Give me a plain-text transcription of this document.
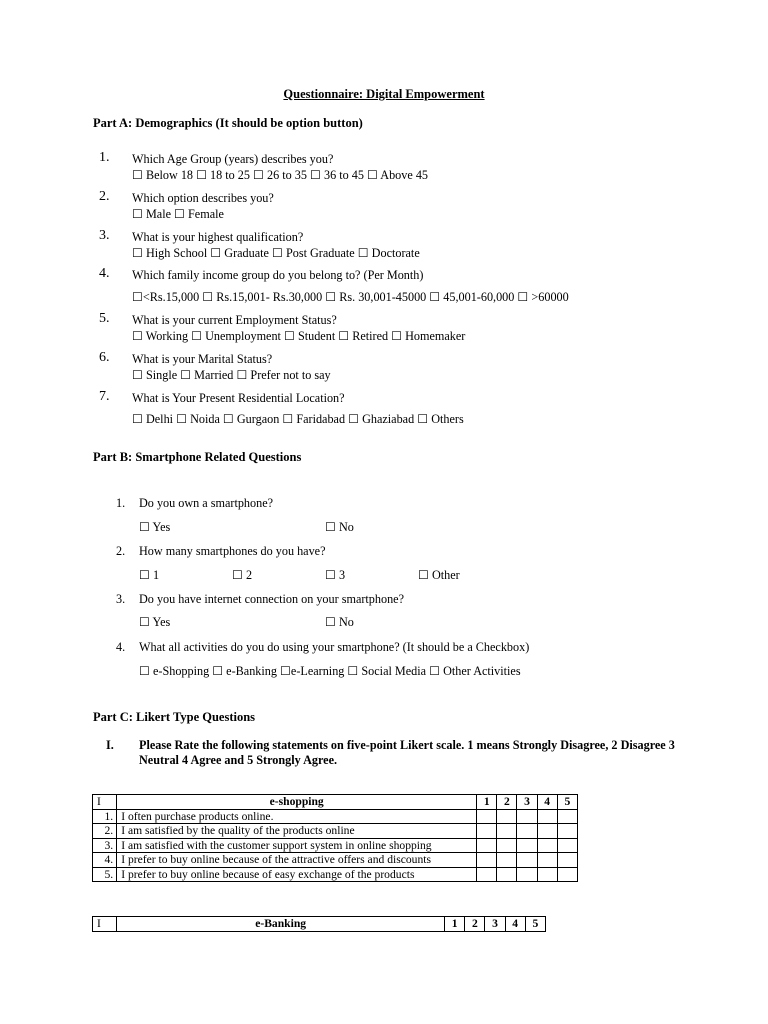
Questionnaire: Digital Empowerment
Part A: Demographics (It should be option button)
1. Which Age Group (years) describes you?
☐ Below 18 ☐ 18 to 25 ☐ 26 to 35 ☐ 36 to 45 ☐ Above 45
2. Which option describes you?
☐ Male ☐ Female
3. What is your highest qualification?
☐ High School ☐ Graduate ☐ Post Graduate ☐ Doctorate
4. Which family income group do you belong to? (Per Month)
☐<Rs.15,000 ☐ Rs.15,001- Rs.30,000 ☐ Rs. 30,001-45000 ☐ 45,001-60,000 ☐ >60000
5. What is your current Employment Status?
☐ Working ☐ Unemployment ☐ Student ☐ Retired ☐ Homemaker
6. What is your Marital Status?
☐ Single ☐ Married ☐ Prefer not to say
7. What is Your Present Residential Location?
☐ Delhi ☐ Noida ☐ Gurgaon ☐ Faridabad ☐ Ghaziabad ☐ Others
Part B: Smartphone Related Questions
1. Do you own a smartphone?
☐ Yes	☐ No
2. How many smartphones do you have?
☐ 1	☐ 2	☐ 3	☐ Other
3. Do you have internet connection on your smartphone?
☐ Yes	☐ No
4. What all activities do you do using your smartphone? (It should be a Checkbox)
☐ e-Shopping ☐ e-Banking ☐e-Learning ☐ Social Media ☐ Other Activities
Part C: Likert Type Questions
I. Please Rate the following statements on five-point Likert scale. 1 means Strongly Disagree, 2 Disagree 3 Neutral 4 Agree and 5 Strongly Agree.
I	e-shopping	1	2	3	4	5
1.	I often purchase products online.					
2.	I am satisfied by the quality of the products online					
3.	I am satisfied with the customer support system in online shopping					
4.	I prefer to buy online because of the attractive offers and discounts					
5.	I prefer to buy online because of easy exchange of the products					
I	e-Banking	1	2	3	4	5
